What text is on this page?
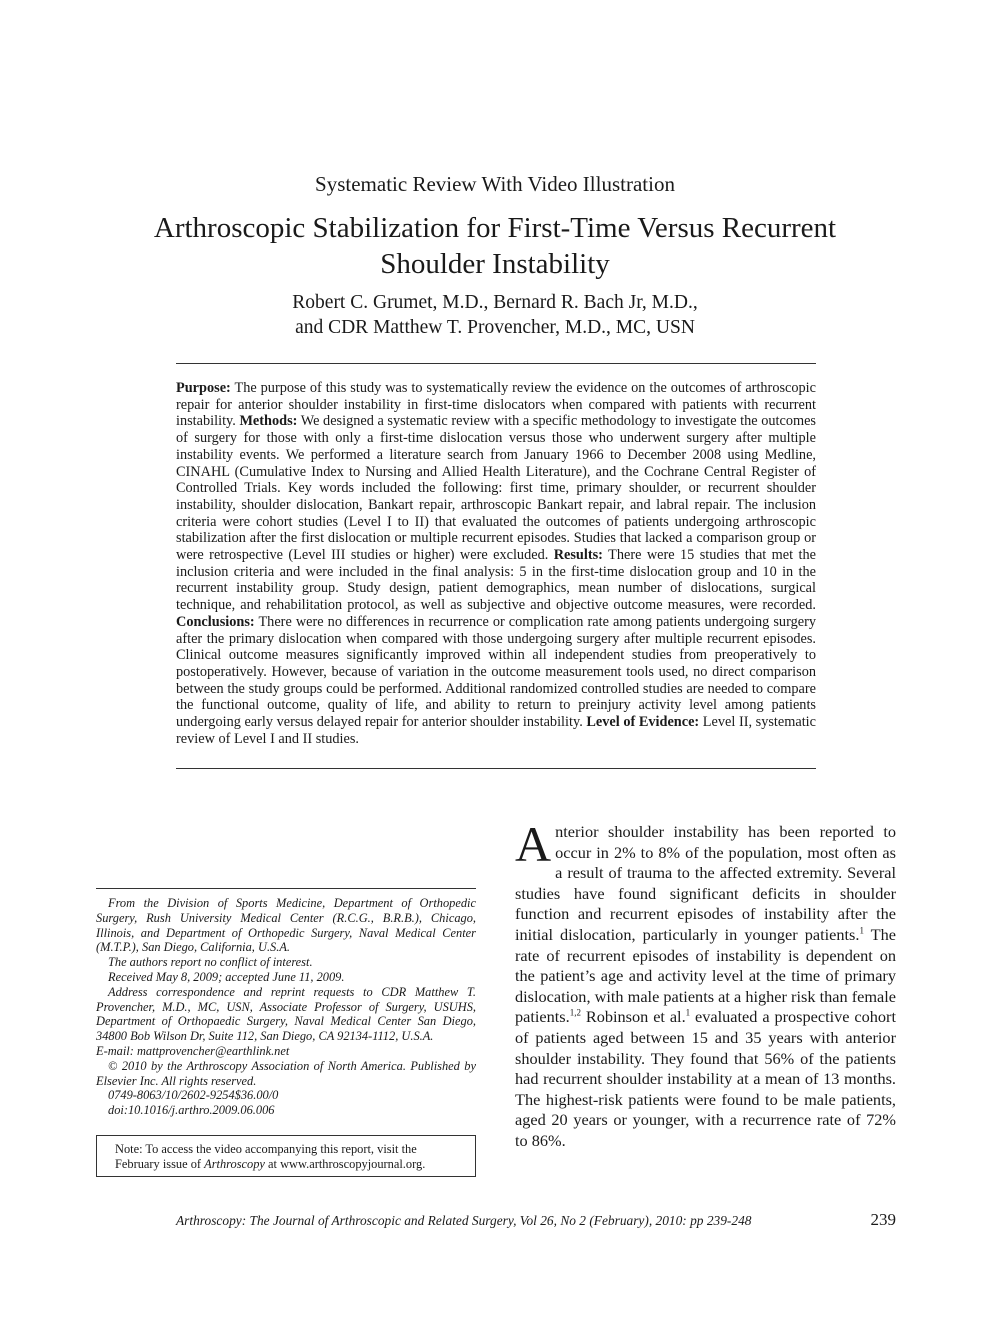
Systematic Review With Video Illustration
Arthroscopic Stabilization for First-Time Versus Recurrent Shoulder Instability
Robert C. Grumet, M.D., Bernard R. Bach Jr, M.D.,
and CDR Matthew T. Provencher, M.D., MC, USN
Purpose: The purpose of this study was to systematically review the evidence on the outcomes of arthroscopic repair for anterior shoulder instability in first-time dislocators when compared with patients with recurrent instability. Methods: We designed a systematic review with a specific methodology to investigate the outcomes of surgery for those with only a first-time dislocation versus those who underwent surgery after multiple instability events. We performed a literature search from January 1966 to December 2008 using Medline, CINAHL (Cumulative Index to Nursing and Allied Health Literature), and the Cochrane Central Register of Controlled Trials. Key words included the following: first time, primary shoulder, or recurrent shoulder instability, shoulder dislocation, Bankart repair, arthroscopic Bankart repair, and labral repair. The inclusion criteria were cohort studies (Level I to II) that evaluated the outcomes of patients undergoing arthroscopic stabilization after the first dislocation or multiple recurrent episodes. Studies that lacked a comparison group or were retrospective (Level III studies or higher) were excluded. Results: There were 15 studies that met the inclusion criteria and were included in the final analysis: 5 in the first-time dislocation group and 10 in the recurrent instability group. Study design, patient demographics, mean number of dislocations, surgical technique, and rehabilitation protocol, as well as subjective and objective outcome measures, were recorded. Conclusions: There were no differences in recurrence or complication rate among patients undergoing surgery after the primary dislocation when compared with those undergoing surgery after multiple recurrent episodes. Clinical outcome measures significantly improved within all independent studies from preoperatively to postoperatively. However, because of variation in the outcome measurement tools used, no direct comparison between the study groups could be performed. Additional randomized controlled studies are needed to compare the functional outcome, quality of life, and ability to return to preinjury activity level among patients undergoing early versus delayed repair for anterior shoulder instability. Level of Evidence: Level II, systematic review of Level I and II studies.

From the Division of Sports Medicine, Department of Orthopedic Surgery, Rush University Medical Center (R.C.G., B.R.B.), Chicago, Illinois, and Department of Orthopedic Surgery, Naval Medical Center (M.T.P.), San Diego, California, U.S.A.

The authors report no conflict of interest.

Received May 8, 2009; accepted June 11, 2009.

Address correspondence and reprint requests to CDR Matthew T. Provencher, M.D., MC, USN, Associate Professor of Surgery, USUHS, Department of Orthopaedic Surgery, Naval Medical Center San Diego, 34800 Bob Wilson Dr, Suite 112, San Diego, CA 92134-1112, U.S.A.

E-mail: mattprovencher@earthlink.net

© 2010 by the Arthroscopy Association of North America. Published by Elsevier Inc. All rights reserved.

0749-8063/10/2602-9254$36.00/0

doi:10.1016/j.arthro.2009.06.006

Note: To access the video accompanying this report, visit the February issue of Arthroscopy at www.arthroscopyjournal.org.
Anterior shoulder instability has been reported to occur in 2% to 8% of the population, most often as a result of trauma to the affected extremity. Several studies have found significant deficits in shoulder function and recurrent episodes of instability after the initial dislocation, particularly in younger patients.$^1$ The rate of recurrent episodes of instability is dependent on the patient’s age and activity level at the time of primary dislocation, with male patients at a higher risk than female patients.$^{1,2}$ Robinson et al.$^1$ evaluated a prospective cohort of patients aged between 15 and 35 years with anterior shoulder instability. They found that 56% of the patients had recurrent shoulder instability at a mean of 13 months. The highest-risk patients were found to be male patients, aged 20 years or younger, with a recurrence rate of 72% to 86%.
Arthroscopy: The Journal of Arthroscopic and Related Surgery, Vol 26, No 2 (February), 2010: pp 239-248	239
